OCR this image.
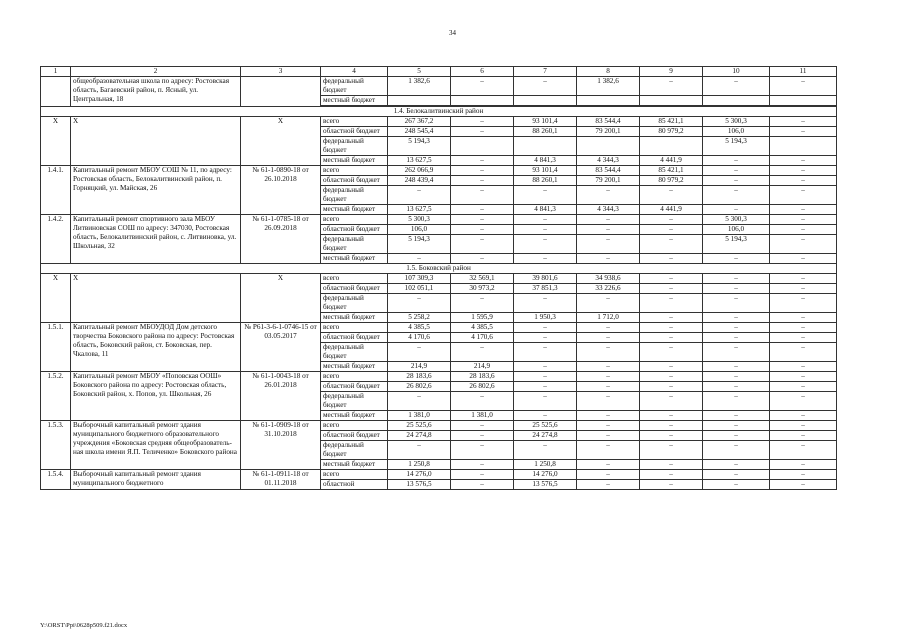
34
1	2	3	4	5	6	7	8	9	10	11
	общеобразовательная школа по адресу: Ростовская область, Багаевский район, п. Ясный, ул. Центральная, 18		федеральный бюджет	1 382,6	–	–	1 382,6	–	–	–
			местный бюджет							

1.4. Белокалитвинский район										
X	X	X	всего	267 367,2	–	93 101,4	83 544,4	85 421,1	5 300,3	–
			областной бюджет	248 545,4	–	88 260,1	79 200,1	80 979,2	106,0	–
			федеральный бюджет	5 194,3					5 194,3	
			местный бюджет	13 627,5	–	4 841,3	4 344,3	4 441,9	–	–
1.4.1.	Капитальный ремонт МБОУ СОШ № 11, по адресу: Ростовская область, Белокалитвинский район, п. Горняцкий, ул. Майская, 26	№ 61-1-0890-18 от 26.10.2018	всего	262 066,9	–	93 101,4	83 544,4	85 421,1	–	–
			областной бюджет	248 439,4	–	88 260,1	79 200,1	80 979,2	–	–
			федеральный бюджет	–	–	–	–	–	–	–
			местный бюджет	13 627,5	–	4 841,3	4 344,3	4 441,9	–	–
1.4.2.	Капитальный ремонт спортивного зала МБОУ Литвиновская СОШ по адресу: 347030, Ростовская область, Белокалитвинский район, с. Литвиновка, ул. Школьная, 32	№ 61-1-0785-18 от 26.09.2018	всего	5 300,3	–	–	–	–	5 300,3	–
			областной бюджет	106,0	–	–	–	–	106,0	–
			федеральный бюджет	5 194,3	–	–	–	–	5 194,3	–
			местный бюджет	–	–	–	–	–	–	–
1.5. Боковский район										
X	X	X	всего	107 309,3	32 569,1	39 801,6	34 938,6	–	–	–
			областной бюджет	102 051,1	30 973,2	37 851,3	33 226,6	–	–	–
			федеральный бюджет	–	–	–	–	–	–	–
			местный бюджет	5 258,2	1 595,9	1 950,3	1 712,0	–	–	–
1.5.1.	Капитальный ремонт МБОУДОД Дом детского творчества Боковского района по адресу: Ростовская область, Боковский район, ст. Боковская, пер. Чкалова, 11	№ Р61-3-6-1-0746-15 от 03.05.2017	всего	4 385,5	4 385,5	–	–	–	–	–
			областной бюджет	4 170,6	4 170,6	–	–	–	–	–
			федеральный бюджет	–	–	–	–	–	–	–
			местный бюджет	214,9	214,9	–	–	–	–	–
1.5.2.	Капитальный ремонт МБОУ «Поповская ООШ» Боковского района по адресу: Ростовская область, Боковский район, х. Попов, ул. Школьная, 26	№ 61-1-0043-18 от 26.01.2018	всего	28 183,6	28 183,6	–	–	–	–	–
			областной бюджет	26 802,6	26 802,6	–	–	–	–	–
			федеральный бюджет	–	–	–	–	–	–	–
			местный бюджет	1 381,0	1 381,0	–	–	–	–	–
1.5.3.	Выборочный капитальный ремонт здания муниципального бюджетного образовательного учреждения «Боковская средняя общеобразователь-ная школа имени Я.П. Теличенко» Боковского района	№ 61-1-0909-18 от 31.10.2018	всего	25 525,6	–	25 525,6	–	–	–	–
			областной бюджет	24 274,8	–	24 274,8	–	–	–	–
			федеральный бюджет	–	–	–	–	–	–	–
			местный бюджет	1 250,8	–	1 250,8	–	–	–	–
1.5.4.	Выборочный капитальный ремонт здания муниципального бюджетного	№ 61-1-0911-18 от 01.11.2018	всего	14 276,0	–	14 276,0	–	–	–	–
			областной	13 576,5	–	13 576,5	–	–	–	–
Y:\ORST\Ppi\0628p509.f21.docx
